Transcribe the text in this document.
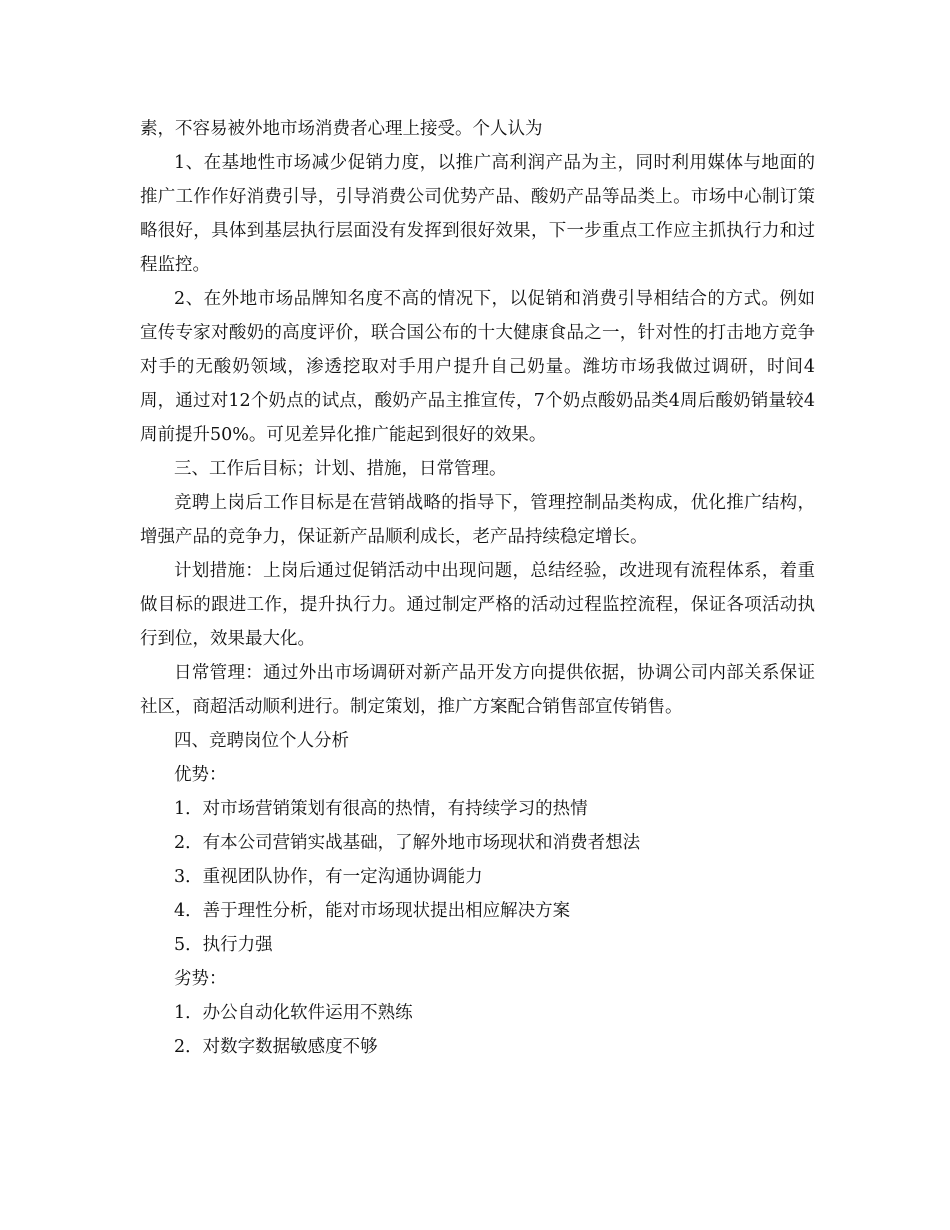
素，不容易被外地市场消费者心理上接受。个人认为

1、在基地性市场减少促销力度，以推广高利润产品为主，同时利用媒体与地面的推广工作作好消费引导，引导消费公司优势产品、酸奶产品等品类上。市场中心制订策略很好，具体到基层执行层面没有发挥到很好效果，下一步重点工作应主抓执行力和过程监控。

2、在外地市场品牌知名度不高的情况下，以促销和消费引导相结合的方式。例如宣传专家对酸奶的高度评价，联合国公布的十大健康食品之一，针对性的打击地方竞争对手的无酸奶领域，渗透挖取对手用户提升自己奶量。潍坊市场我做过调研，时间4周，通过对12个奶点的试点，酸奶产品主推宣传，7个奶点酸奶品类4周后酸奶销量较4周前提升50%。可见差异化推广能起到很好的效果。

三、工作后目标；计划、措施，日常管理。

竞聘上岗后工作目标是在营销战略的指导下，管理控制品类构成，优化推广结构，增强产品的竞争力，保证新产品顺利成长，老产品持续稳定增长。

计划措施：上岗后通过促销活动中出现问题，总结经验，改进现有流程体系，着重做目标的跟进工作，提升执行力。通过制定严格的活动过程监控流程，保证各项活动执行到位，效果最大化。

日常管理：通过外出市场调研对新产品开发方向提供依据，协调公司内部关系保证社区，商超活动顺利进行。制定策划，推广方案配合销售部宣传销售。

四、竞聘岗位个人分析

优势：

1．对市场营销策划有很高的热情，有持续学习的热情

2．有本公司营销实战基础，了解外地市场现状和消费者想法

3．重视团队协作，有一定沟通协调能力

4．善于理性分析，能对市场现状提出相应解决方案

5．执行力强

劣势：

1．办公自动化软件运用不熟练

2．对数字数据敏感度不够
